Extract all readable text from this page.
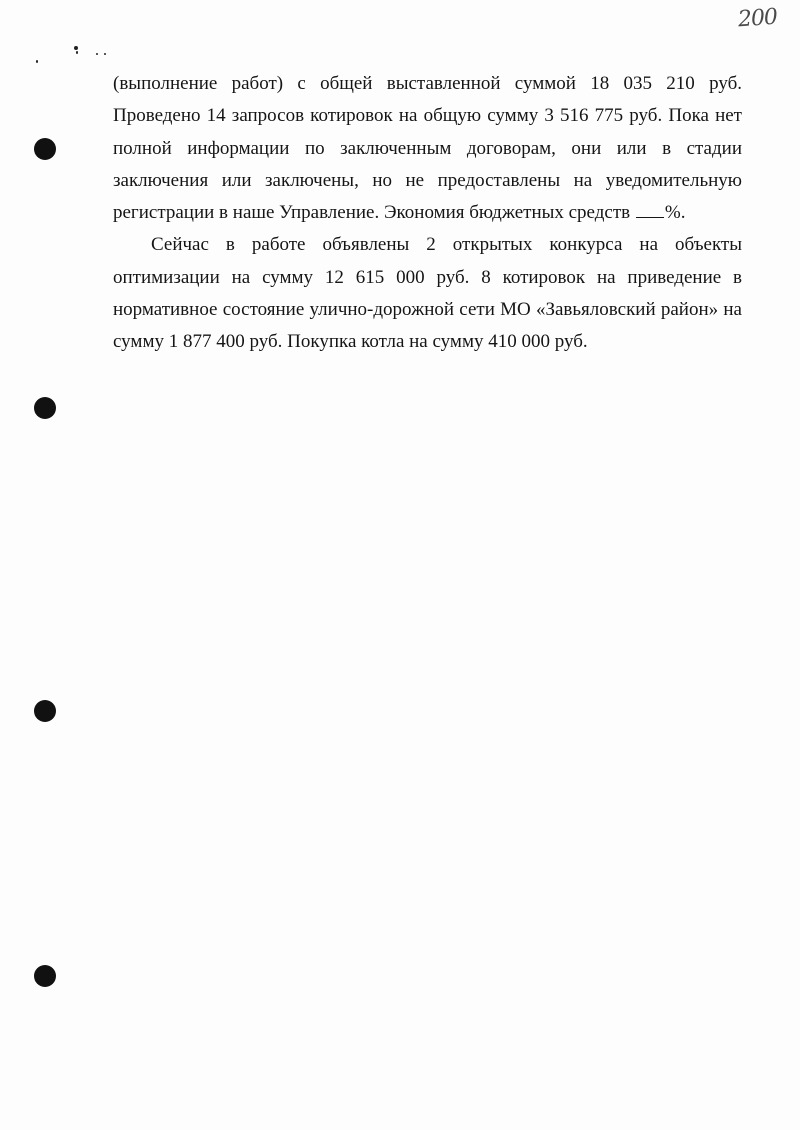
200

(выполнение работ) с общей выставленной суммой 18 035 210 руб. Проведено 14 запросов котировок на общую сумму 3 516 775 руб. Пока нет полной информации по заключенным договорам, они или в стадии заключения или заключены, но не предоставлены на уведомительную регистрации в наше Управление. Экономия бюджетных средств %.

Сейчас в работе объявлены 2 открытых конкурса на объекты оптимизации на сумму 12 615 000 руб. 8 котировок на приведение в нормативное состояние улично-дорожной сети МО «Завьяловский район» на сумму 1 877 400 руб. Покупка котла на сумму 410 000 руб.
